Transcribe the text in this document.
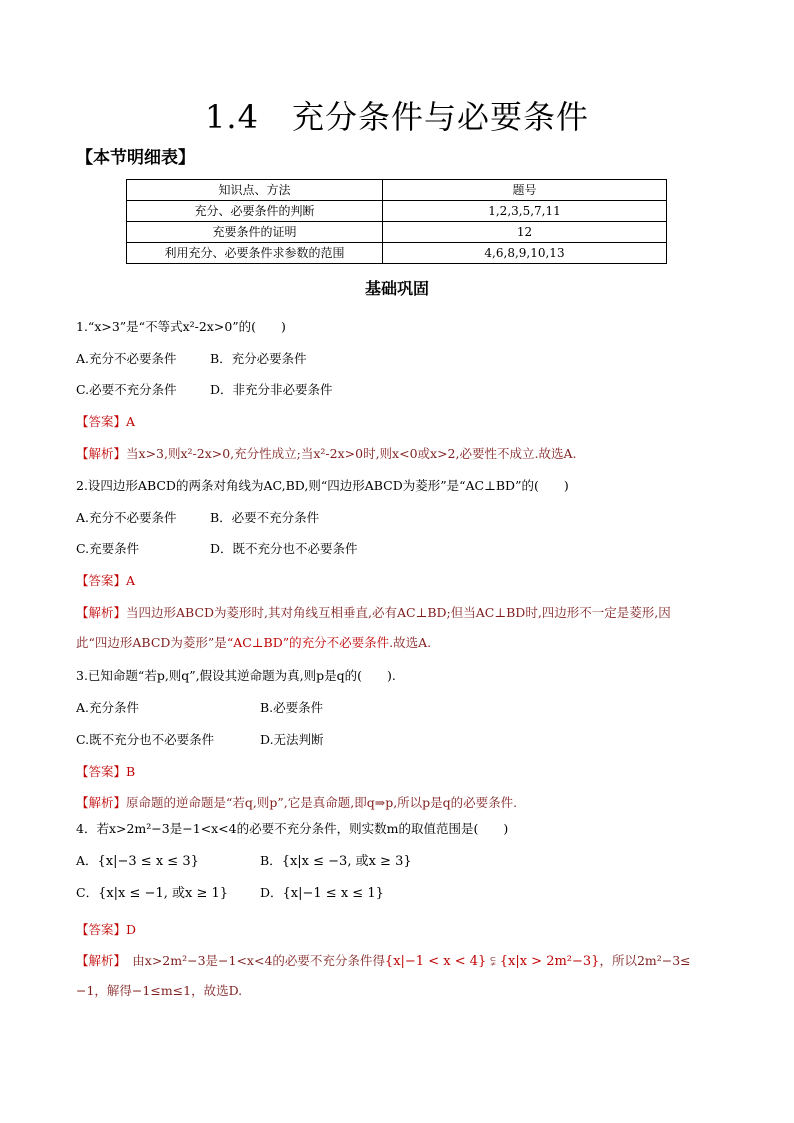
1.4　充分条件与必要条件
【本节明细表】
知识点、方法	题号
充分、必要条件的判断	1,2,3,5,7,11
充要条件的证明	12
利用充分、必要条件求参数的范围	4,6,8,9,10,13
基础巩固
1.“x>3”是“不等式x²-2x>0”的(　　)
A.充分不必要条件	B．充分必要条件
C.必要不充分条件	D．非充分非必要条件
【答案】A
【解析】当x>3,则x²-2x>0,充分性成立;当x²-2x>0时,则x<0或x>2,必要性不成立.故选A.
2.设四边形ABCD的两条对角线为AC,BD,则“四边形ABCD为菱形”是“AC⊥BD”的(　　)
A.充分不必要条件	B．必要不充分条件
C.充要条件	D．既不充分也不必要条件
【答案】A
【解析】当四边形ABCD为菱形时,其对角线互相垂直,必有AC⊥BD;但当AC⊥BD时,四边形不一定是菱形,因
此“四边形ABCD为菱形”是“AC⊥BD”的充分不必要条件.故选A.
3.已知命题“若p,则q”,假设其逆命题为真,则p是q的(　　).
A.充分条件	B.必要条件
C.既不充分也不必要条件	D.无法判断
【答案】B
【解析】原命题的逆命题是“若q,则p”,它是真命题,即q⇒p,所以p是q的必要条件.
4．若x>2m²−3是−1<x<4的必要不充分条件，则实数m的取值范围是(　　)
A．{x|−3 ≤ x ≤ 3}	B．{x|x ≤ −3, 或x ≥ 3}
C．{x|x ≤ −1, 或x ≥ 1}	D．{x|−1 ≤ x ≤ 1}
【答案】D
【解析】　由x>2m²−3是−1<x<4的必要不充分条件得{x|−1 < x < 4} ⫋ {x|x > 2m²−3}，所以2m²−3≤
−1，解得−1≤m≤1，故选D.
